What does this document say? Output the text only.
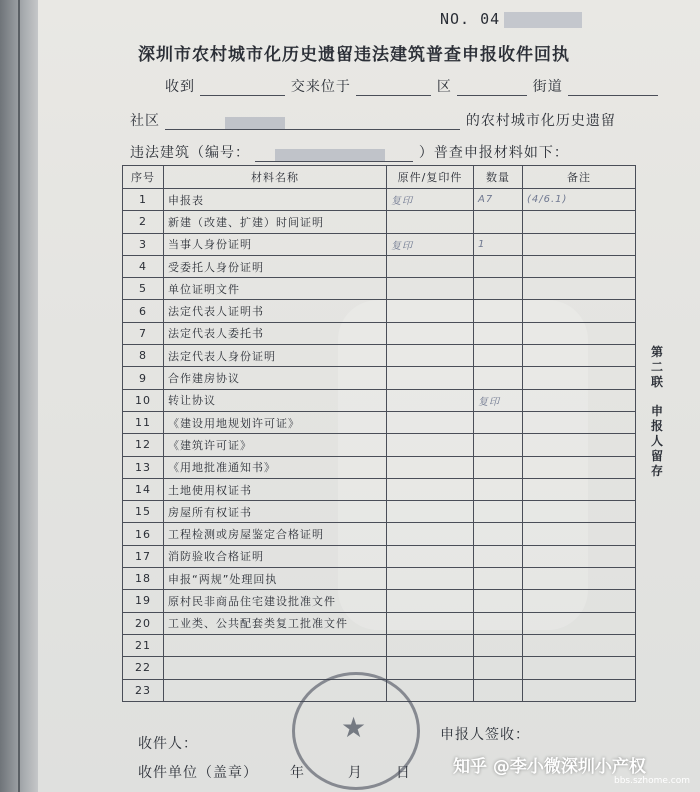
NO. 04
深圳市农村城市化历史遗留违法建筑普查申报收件回执
收到	交来位于	区	街道
社区	的农村城市化历史遗留
违法建筑（编号：	）普查申报材料如下：
序号	材料名称	原件/复印件	数量	备注
1	申报表	复印	A7	(4/6.1)
2	新建（改建、扩建）时间证明			
3	当事人身份证明	复印	1	
4	受委托人身份证明			
5	单位证明文件			
6	法定代表人证明书			
7	法定代表人委托书			
8	法定代表人身份证明			
9	合作建房协议			
10	转让协议		复印	
11	《建设用地规划许可证》			
12	《建筑许可证》			
13	《用地批准通知书》			
14	土地使用权证书			
15	房屋所有权证书			
16	工程检测或房屋鉴定合格证明			
17	消防验收合格证明			
18	申报“两规”处理回执			
19	原村民非商品住宅建设批准文件			
20	工业类、公共配套类复工批准文件			
21				
22				
23				
第二联
申报人留存
收件人：
申报人签收：
收件单位（盖章） 年	月 日
★
知乎 @李小微深圳小产权
bbs.szhome.com
